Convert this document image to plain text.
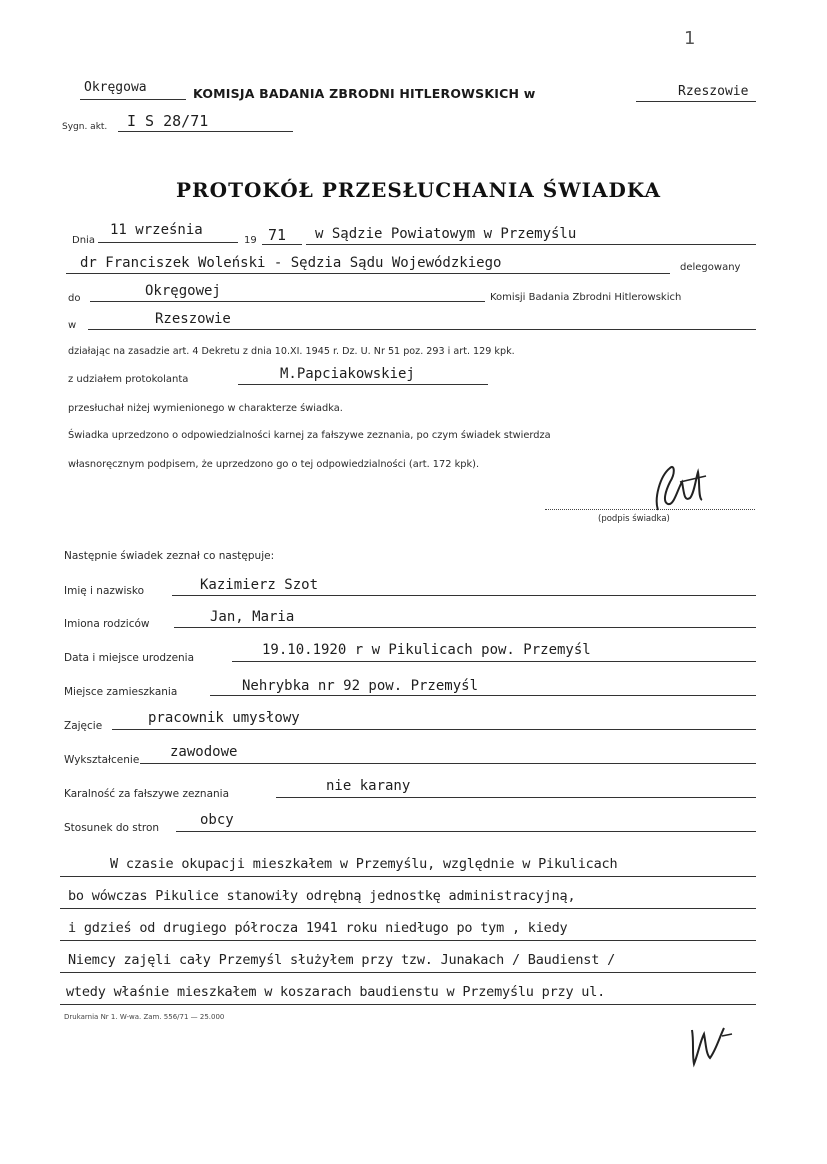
1
Okręgowa	KOMISJA BADANIA ZBRODNI HITLEROWSKICH w	Rzeszowie
Sygn. akt. I S 28/71
PROTOKÓŁ PRZESŁUCHANIA ŚWIADKA
Dnia
11 września
19 71 w Sądzie Powiatowym w Przemyślu
dr Franciszek Woleński - Sędzia Sądu Wojewódzkiego	delegowany
do	Okręgowej	Komisji Badania Zbrodni Hitlerowskich
w	Rzeszowie
działając na zasadzie art. 4 Dekretu z dnia 10.XI. 1945 r. Dz. U. Nr 51 poz. 293 i art. 129 kpk.
z udziałem protokolanta	M.Papciakowskiej
przesłuchał niżej wymienionego w charakterze świadka.
Świadka uprzedzono o odpowiedzialności karnej za fałszywe zeznania, po czym świadek stwierdza
własnoręcznym podpisem, że uprzedzono go o tej odpowiedzialności (art. 172 kpk).
(podpis świadka)
Następnie świadek zeznał co następuje:
Imię i nazwisko	Kazimierz Szot
Imiona rodziców	Jan, Maria
Data i miejsce urodzenia	19.10.1920 r w Pikulicach pow. Przemyśl
Miejsce zamieszkania	Nehrybka nr 92 pow. Przemyśl
Zajęcie	pracownik umysłowy
Wykształcenie zawodowe
Karalność za fałszywe zeznania	nie karany
Stosunek do stron	obcy
W czasie okupacji mieszkałem w Przemyślu, względnie w Pikulicach
bo wówczas Pikulice stanowiły odrębną jednostkę administracyjną,
i gdzieś od drugiego półrocza 1941 roku niedługo po tym , kiedy
Niemcy zajęli cały Przemyśl służyłem przy tzw. Junakach / Baudienst /
wtedy właśnie mieszkałem w koszarach baudienstu w Przemyślu przy ul.
Drukarnia Nr 1. W-wa. Zam. 556/71 — 25.000
